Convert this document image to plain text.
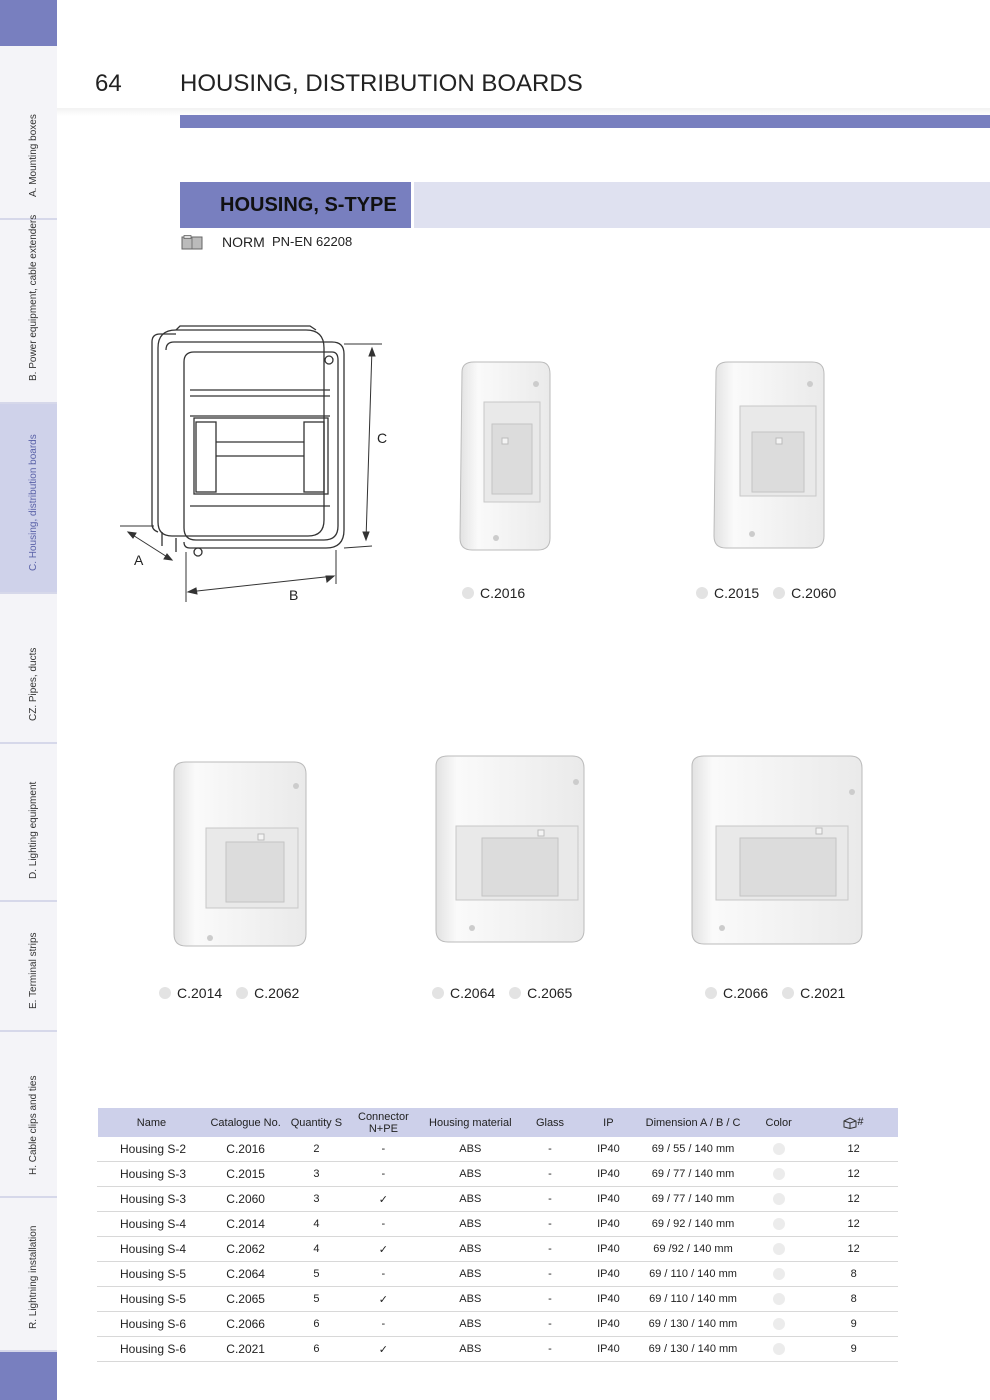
A. Mounting boxes
B. Power equipment, cable extenders
C. Housing, distribution boards
CZ. Pipes, ducts
D. Lighting equipment
E. Terminal strips
H. Cable clips and ties
R. Lightning installation
64 HOUSING, DISTRIBUTION BOARDS
HOUSING, S-TYPE
NORM PN-EN 62208
C
A
B	C.2016	C.2015 C.2060
C.2014 C.2062	C.2064 C.2065	C.2066 C.2021
Name	Catalogue No.	Quantity S	Connector N+PE	Housing material	Glass	IP	Dimension A / B / C	Color	#
Housing S-2	C.2016	2	-	ABS	-	IP40	69 / 55 / 140 mm		12
Housing S-3	C.2015	3	-	ABS	-	IP40	69 / 77 / 140 mm		12
Housing S-3	C.2060	3	✓	ABS	-	IP40	69 / 77 / 140 mm		12
Housing S-4	C.2014	4	-	ABS	-	IP40	69 / 92 / 140 mm		12
Housing S-4	C.2062	4	✓	ABS	-	IP40	69 /92 / 140 mm		12
Housing S-5	C.2064	5	-	ABS	-	IP40	69 / 110 / 140 mm		8
Housing S-5	C.2065	5	✓	ABS	-	IP40	69 / 110 / 140 mm		8
Housing S-6	C.2066	6	-	ABS	-	IP40	69 / 130 / 140 mm		9
Housing S-6	C.2021	6	✓	ABS	-	IP40	69 / 130 / 140 mm		9
